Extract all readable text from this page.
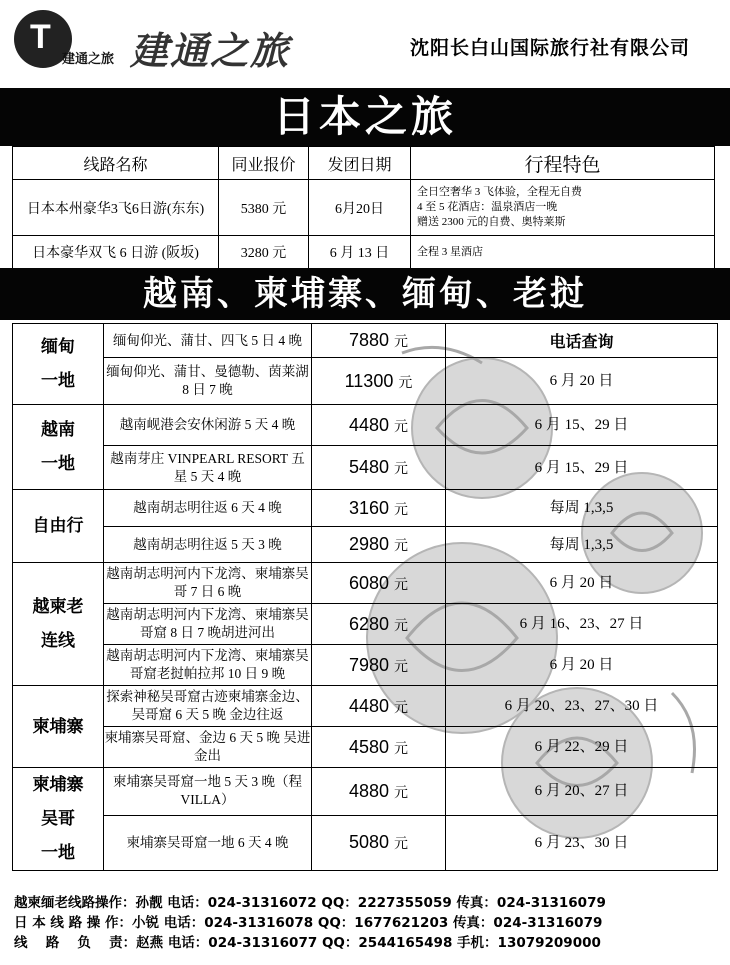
T
建通之旅 建通之旅	沈阳长白山国际旅行社有限公司
日本之旅
线路名称	同业报价	发团日期	行程特色
日本本州豪华3飞6日游(东东)	5380 元	6月20日	全日空奢华 3 飞体验，全程无自费
4 至 5 花酒店：温泉酒店一晚
赠送 2300 元的自费、奥特莱斯

日本豪华双飞 6 日游 (阪坂)	3280 元	6 月 13 日	全程 3 星酒店
越南、柬埔寨、缅甸、老挝
缅甸
一地	缅甸仰光、蒲甘、四飞 5 日 4 晚	7880 元	电话查询
	缅甸仰光、蒲甘、曼德勒、茵莱湖 8 日 7 晚	11300 元	6 月 20 日

越南
一地	越南岘港会安休闲游 5 天 4 晚	4480 元	6 月 15、29 日
	越南芽庄 VINPEARL RESORT 五星 5 天 4 晚	5480 元	6 月 15、29 日

自由行	越南胡志明往返 6 天 4 晚	3160 元	每周 1,3,5
	越南胡志明往返 5 天 3 晚	2980 元	每周 1,3,5

越柬老
连线	越南胡志明河内下龙湾、柬埔寨吴哥 7 日 6 晚	6080 元	6 月 20 日
	越南胡志明河内下龙湾、柬埔寨吴哥窟 8 日 7 晚胡进河出	6280 元	6 月 16、23、27 日
	越南胡志明河内下龙湾、柬埔寨吴哥窟老挝帕拉邦 10 日 9 晚	7980 元	6 月 20 日

柬埔寨	探索神秘吴哥窟古迹柬埔寨金边、吴哥窟 6 天 5 晚 金边往返	4480 元	6 月 20、23、27、30 日
	柬埔寨吴哥窟、金边 6 天 5 晚 吴进金出	4580 元	6 月 22、29 日

柬埔寨
吴哥
一地	柬埔寨吴哥窟一地 5 天 3 晚（程 VILLA）	4880 元	6 月 20、27 日
	柬埔寨吴哥窟一地 6 天 4 晚	5080 元	6 月 23、30 日
越柬缅老线路操作：孙靓 电话：024-31316072 QQ：2227355059 传真：024-31316079
日 本 线 路 操 作：小锐 电话：024-31316078 QQ：1677621203 传真：024-31316079
线　 路 　负　 责：赵燕 电话：024-31316077 QQ：2544165498 手机：13079209000
